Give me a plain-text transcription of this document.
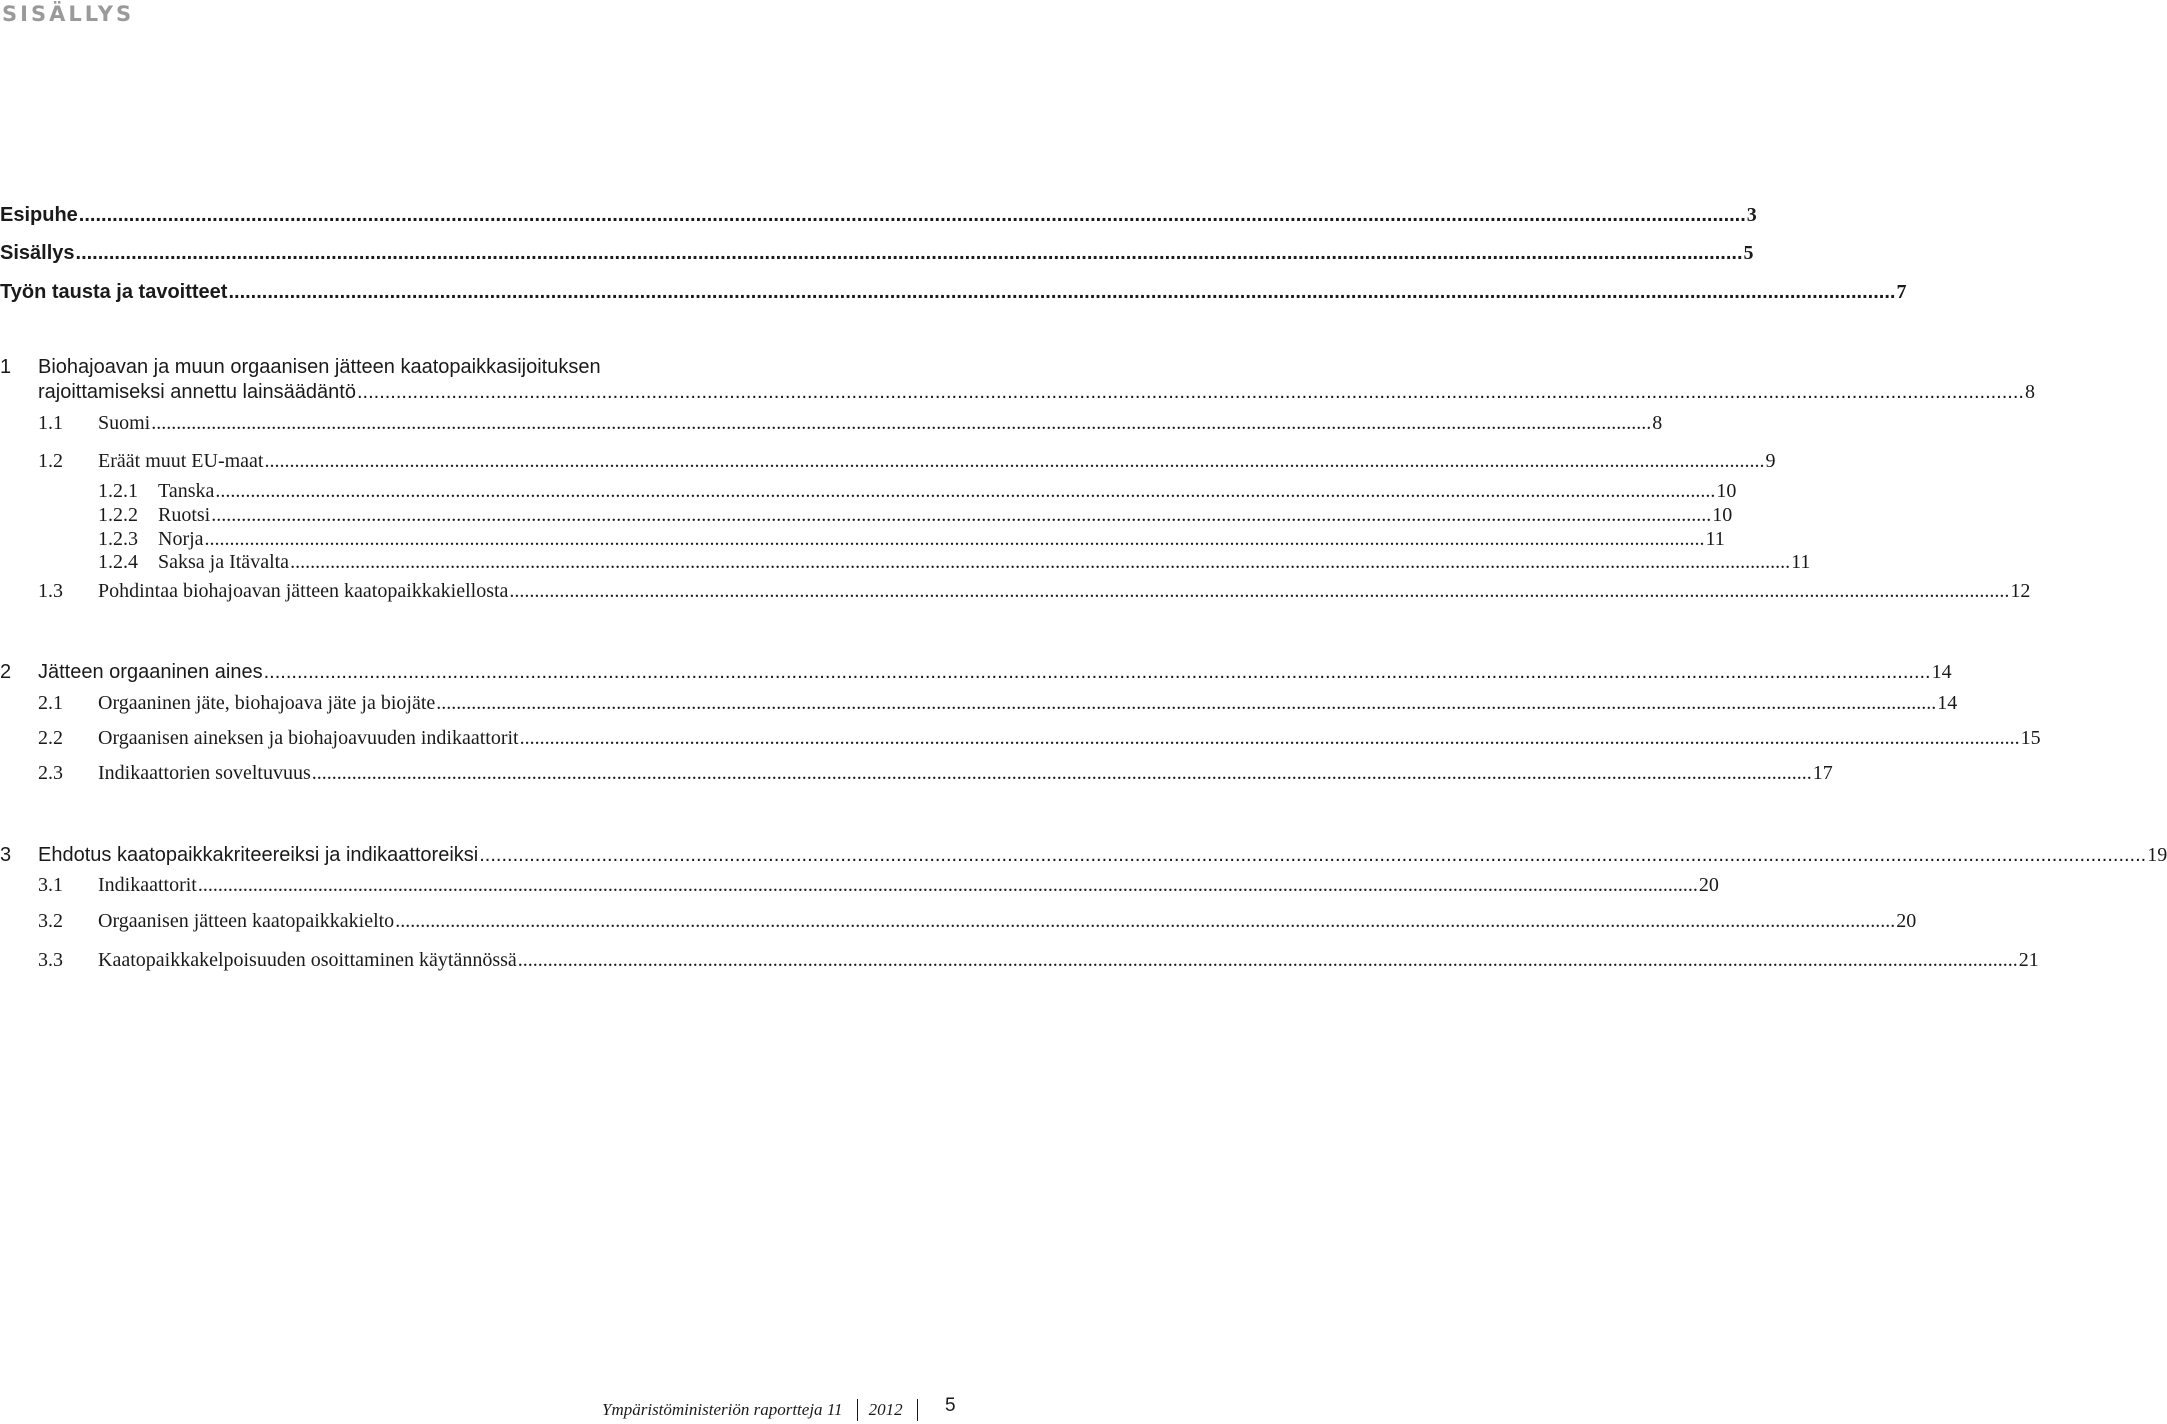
SISÄLLYS
Esipuhe ............................................................................................................................................................................................................................................................................................................ 3
Sisällys ............................................................................................................................................................................................................................................................................................................ 5
Työn tausta ja tavoitteet ............................................................................................................................................................................................................................................................................................................ 7
1	Biohajoavan ja muun orgaanisen jätteen kaatopaikkasijoituksen
rajoittamiseksi annettu lainsäädäntö ............................................................................................................................................................................................................................................................................................................ 8
1.1	Suomi ............................................................................................................................................................................................................................................................................................................ 8
1.2	Eräät muut EU-maat ............................................................................................................................................................................................................................................................................................................ 9
1.2.1	Tanska ............................................................................................................................................................................................................................................................................................................ 10
1.2.2	Ruotsi ............................................................................................................................................................................................................................................................................................................ 10
1.2.3	Norja ............................................................................................................................................................................................................................................................................................................ 11
1.2.4	Saksa ja Itävalta ............................................................................................................................................................................................................................................................................................................ 11
1.3	Pohdintaa biohajoavan jätteen kaatopaikkakiellosta ............................................................................................................................................................................................................................................................................................................ 12
2	Jätteen orgaaninen aines ............................................................................................................................................................................................................................................................................................................ 14
2.1	Orgaaninen jäte, biohajoava jäte ja biojäte ............................................................................................................................................................................................................................................................................................................ 14
2.2	Orgaanisen aineksen ja biohajoavuuden indikaattorit ............................................................................................................................................................................................................................................................................................................ 15
2.3	Indikaattorien soveltuvuus ............................................................................................................................................................................................................................................................................................................ 17
3	Ehdotus kaatopaikkakriteereiksi ja indikaattoreiksi ............................................................................................................................................................................................................................................................................................................ 19
3.1	Indikaattorit ............................................................................................................................................................................................................................................................................................................ 20
3.2	Orgaanisen jätteen kaatopaikkakielto ............................................................................................................................................................................................................................................................................................................ 20
3.3	Kaatopaikkakelpoisuuden osoittaminen käytännössä ............................................................................................................................................................................................................................................................................................................ 21
Ympäristöministeriön raportteja 11 2012 5
